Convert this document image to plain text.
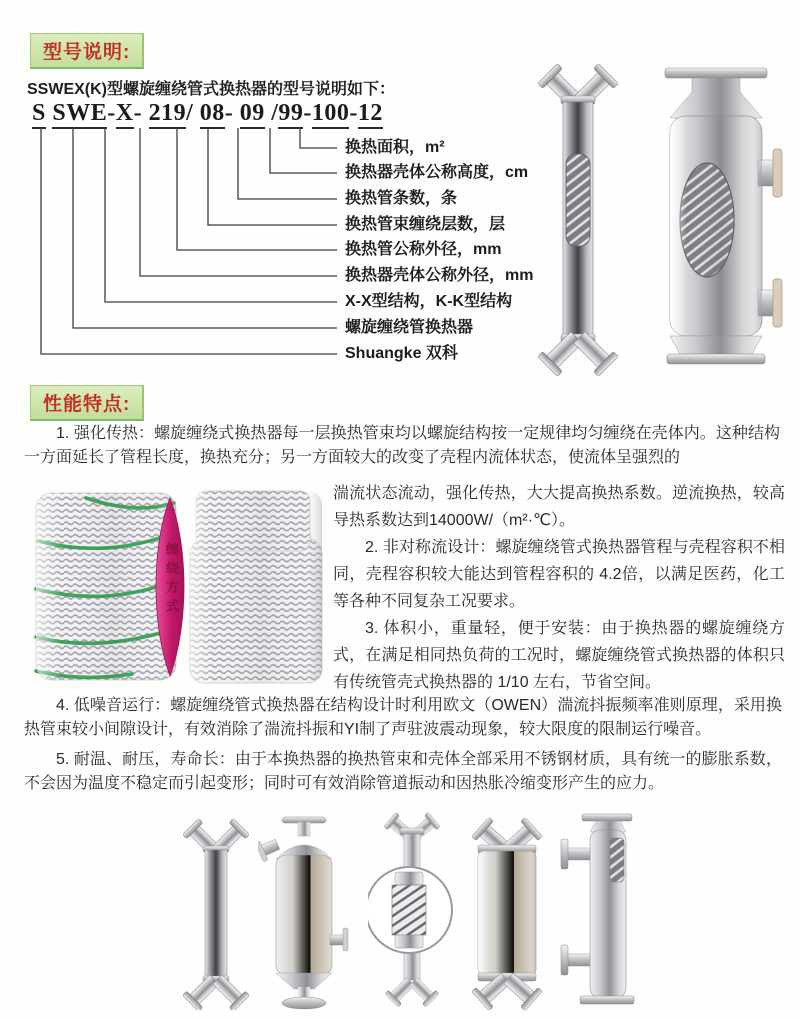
型号说明:
SSWEX(K)型螺旋缠绕管式换热器的型号说明如下：
S SWE-X- 219/ 08- 09 /99-100-12
换热面积，m²
换热器壳体公称高度，cm
换热管条数，条
换热管束缠绕层数，层
换热管公称外径，mm
换热器壳体公称外径，mm
X-X型结构，K-K型结构
螺旋缠绕管换热器
Shuangke 双科
性能特点:
1. 强化传热：螺旋缠绕式换热器每一层换热管束均以螺旋结构按一定规律均匀缠绕在壳体内。这种结构一方面延长了管程长度，换热充分；另一方面较大的改变了壳程内流体状态，使流体呈强烈的
缠绕方式

湍流状态流动，强化传热，大大提高换热系数。逆流换热，较高导热系数达到14000W/（m²·℃）。

2. 非对称流设计：螺旋缠绕管式换热器管程与壳程容积不相同，壳程容积较大能达到管程容积的 4.2倍，以满足医药，化工等各种不同复杂工况要求。

3. 体积小，重量轻，便于安装：由于换热器的螺旋缠绕方式，在满足相同热负荷的工况时，螺旋缠绕管式换热器的体积只有传统管壳式换热器的 1/10 左右，节省空间。

4. 低噪音运行：螺旋缠绕管式换热器在结构设计时利用欧文（OWEN）湍流抖振频率准则原理，采用换热管束较小间隙设计，有效消除了湍流抖振和YI制了声驻波震动现象，较大限度的限制运行噪音。
5. 耐温、耐压，寿命长：由于本换热器的换热管束和壳体全部采用不锈钢材质，具有统一的膨胀系数，不会因为温度不稳定而引起变形；同时可有效消除管道振动和因热胀冷缩变形产生的应力。
